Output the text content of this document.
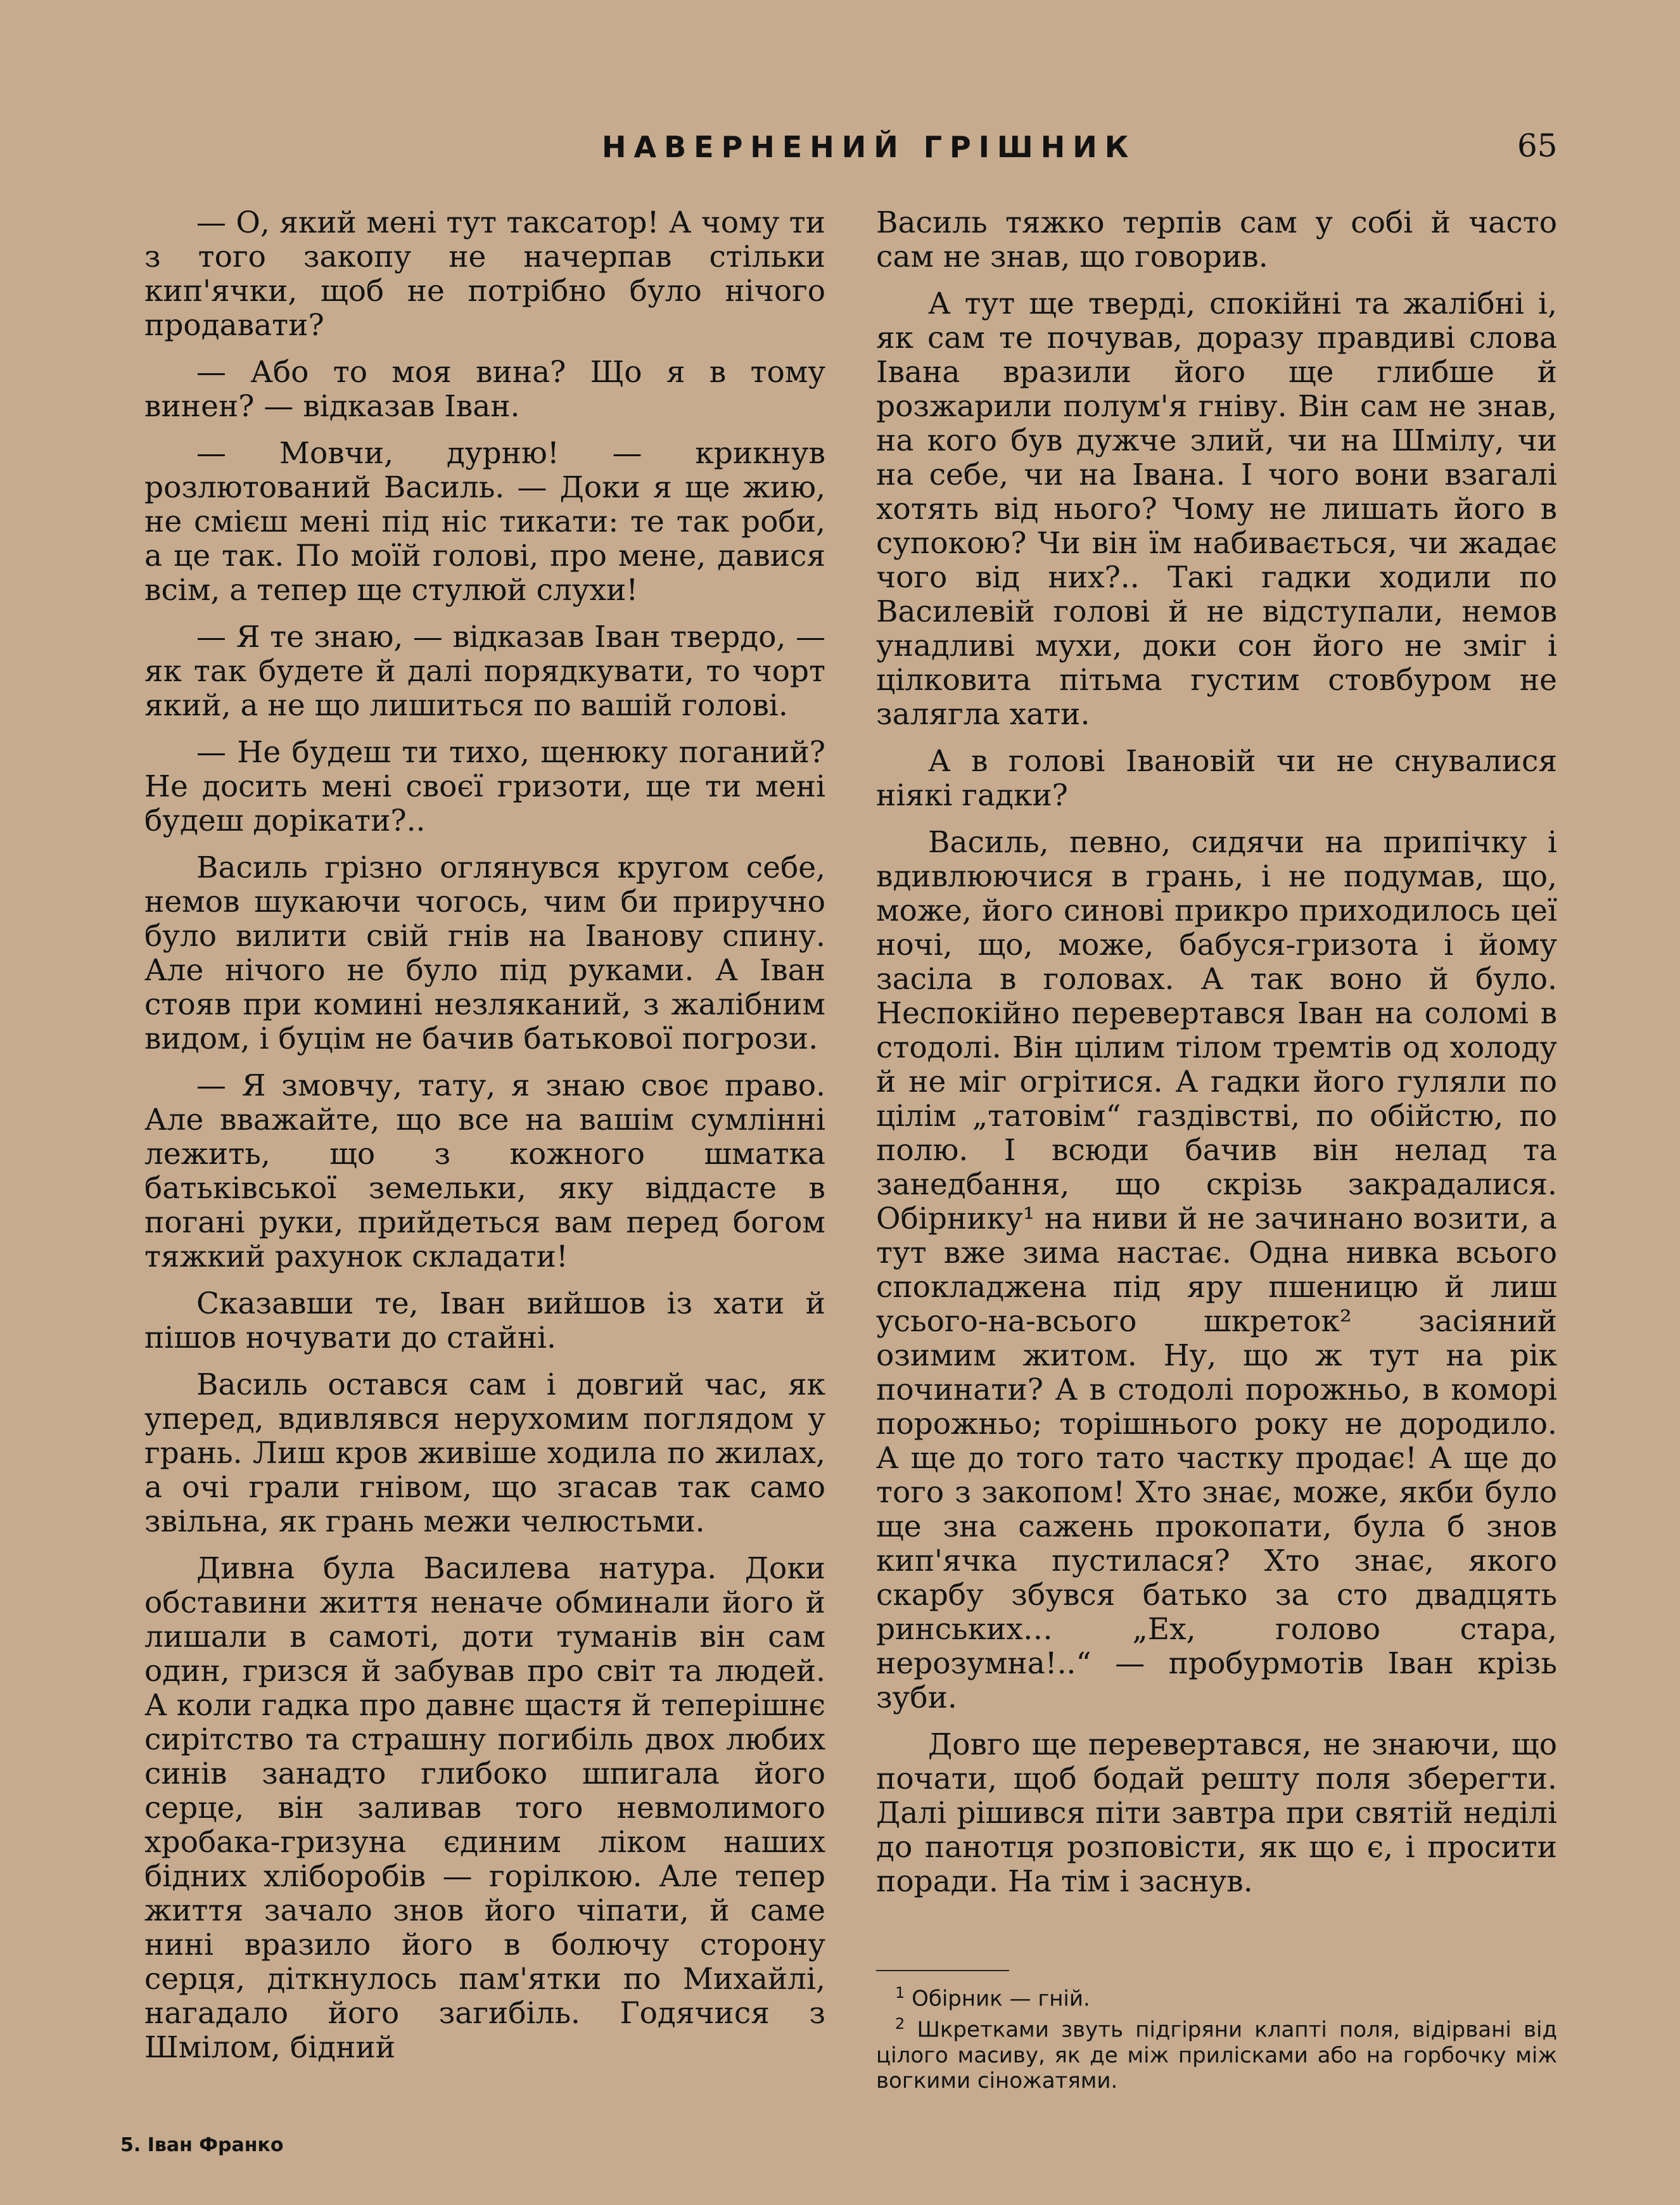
НАВЕРНЕНИЙ ГРІШНИК	65

— О, який мені тут таксатор! А чому ти з того закопу не начерпав стільки кип'ячки, щоб не потрібно було нічого продавати?

— Або то моя вина? Що я в тому винен? — відказав Іван.

— Мовчи, дурню! — крикнув розлютований Василь. — Доки я ще жию, не смієш мені під ніс тикати: те так роби, а це так. По моїй голові, про мене, давися всім, а тепер ще стулюй слухи!

— Я те знаю, — відказав Іван твердо, — як так будете й далі порядкувати, то чорт який, а не що лишиться по вашій голові.

— Не будеш ти тихо, щенюку поганий? Не досить мені своєї гризоти, ще ти мені будеш дорікати?..

Василь грізно оглянувся кругом себе, немов шукаючи чогось, чим би приручно було вилити свій гнів на Іванову спину. Але нічого не було під руками. А Іван стояв при комині незляканий, з жалібним видом, і буцім не бачив батькової погрози.

— Я змовчу, тату, я знаю своє право. Але вважайте, що все на вашім сумлінні лежить, що з кожного шматка батьківської земельки, яку віддасте в погані руки, прийдеться вам перед богом тяжкий рахунок складати!

Сказавши те, Іван вийшов із хати й пішов ночувати до стайні.

Василь остався сам і довгий час, як уперед, вдивлявся нерухомим поглядом у грань. Лиш кров живіше ходила по жилах, а очі грали гнівом, що згасав так само звільна, як грань межи челюстьми.

Дивна була Василева натура. Доки обставини життя неначе обминали його й лишали в самоті, доти туманів він сам один, гризся й забував про світ та людей. А коли гадка про давнє щастя й теперішнє сирітство та страшну погибіль двох любих синів занадто глибоко шпигала його серце, він заливав того невмолимого хробака-гризуна єдиним ліком наших бідних хліборобів — горілкою. Але тепер життя зачало знов його чіпати, й саме нині вразило його в болючу сторону серця, діткнулось пам'ятки по Михайлі, нагадало його загибіль. Годячися з Шмілом, бідний

Василь тяжко терпів сам у собі й часто сам не знав, що говорив.

А тут ще тверді, спокійні та жалібні і, як сам те почував, доразу правдиві слова Івана вразили його ще глибше й розжарили полум'я гніву. Він сам не знав, на кого був дужче злий, чи на Шмілу, чи на себе, чи на Івана. І чого вони взагалі хотять від нього? Чому не лишать його в супокою? Чи він їм набивається, чи жадає чого від них?.. Такі гадки ходили по Василевій голові й не відступали, немов унадливі мухи, доки сон його не зміг і цілковита пітьма густим стовбуром не залягла хати.

А в голові Івановій чи не снувалися ніякі гадки?

Василь, певно, сидячи на припічку і вдивлюючися в грань, і не подумав, що, може, його синові прикро приходилось цеї ночі, що, може, бабуся-гризота і йому засіла в головах. А так воно й було. Неспокійно перевертався Іван на соломі в стодолі. Він цілим тілом тремтів од холоду й не міг огрітися. А гадки його гуляли по цілім „татовім“ газдівстві, по обійстю, по полю. І всюди бачив він нелад та занедбання, що скрізь закрадалися. Обірнику¹ на ниви й не зачинано возити, а тут вже зима настає. Одна нивка всього спокладжена під яру пшеницю й лиш усього-на-всього шкреток² засіяний озимим житом. Ну, що ж тут на рік починати? А в стодолі порожньо, в коморі порожньо; торішнього року не дородило. А ще до того тато частку продає! А ще до того з закопом! Хто знає, може, якби було ще зна сажень прокопати, була б знов кип'ячка пустилася? Хто знає, якого скарбу збувся батько за сто двадцять ринських… „Ех, голово стара, нерозумна!..“ — пробурмотів Іван крізь зуби.

Довго ще перевертався, не знаючи, що почати, щоб бодай решту поля зберегти. Далі рішився піти завтра при святій неділі до панотця розповісти, як що є, і просити поради. На тім і заснув.

$^1$ Обірник — гній.

$^2$ Шкретками звуть підгіряни клапті поля, відірвані від цілого масиву, як де між прилісками або на горбочку між вогкими сіножатями.

5. Іван Франко
